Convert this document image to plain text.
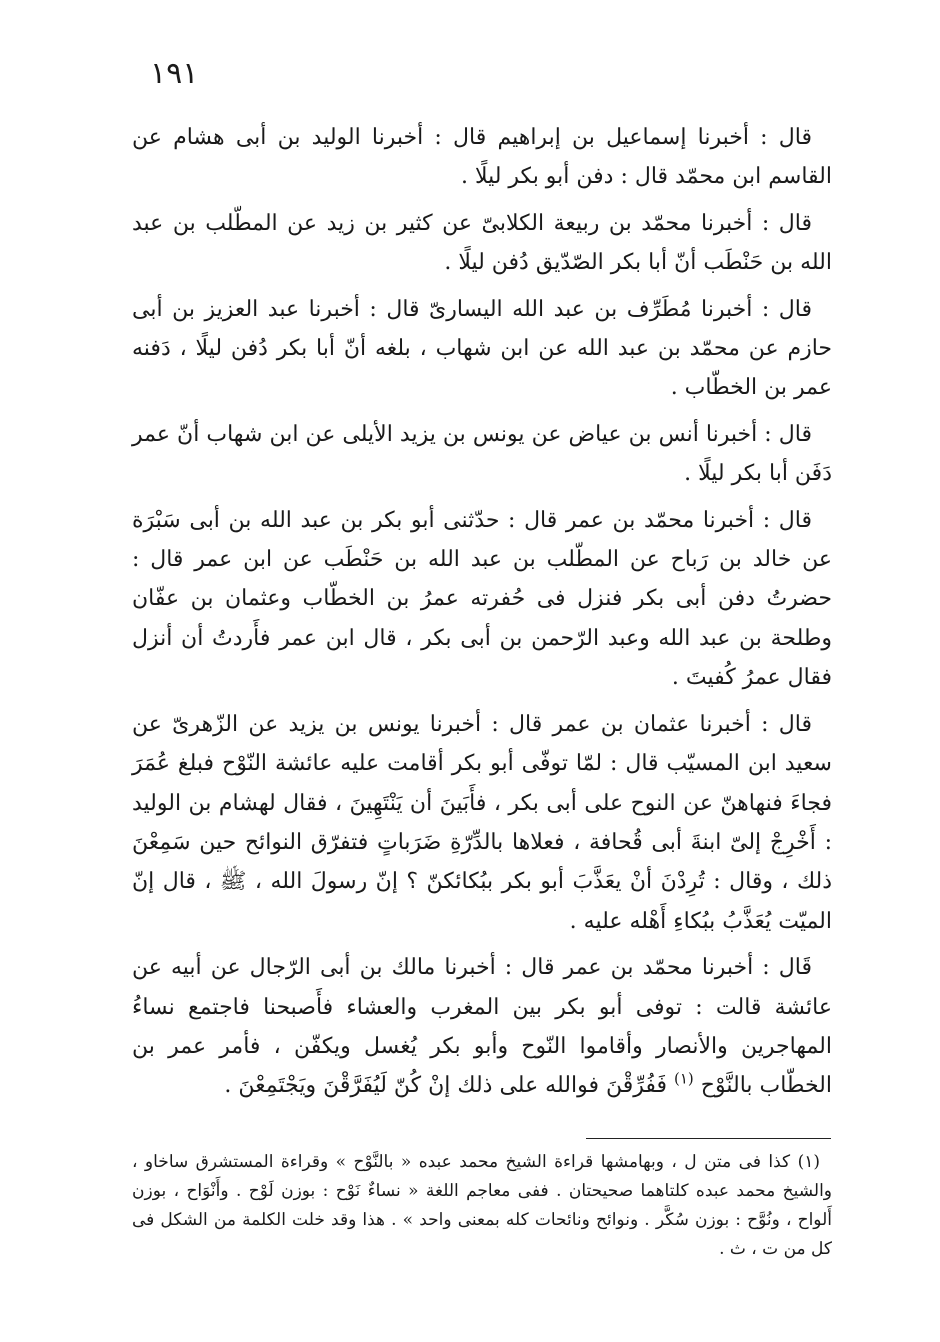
١٩١

قال : أخبرنا إسماعيل بن إبراهيم قال : أخبرنا الوليد بن أبى هشام عن القاسم ابن محمّد قال : دفن أبو بكر ليلًا .

قال : أخبرنا محمّد بن ربيعة الكلابىّ عن كثير بن زيد عن المطّلب بن عبد الله بن حَنْطَب أنّ أبا بكر الصّدّيق دُفن ليلًا .

قال : أخبرنا مُطَرِّف بن عبد الله اليسارىّ قال : أخبرنا عبد العزيز بن أبى حازم عن محمّد بن عبد الله عن ابن شهاب ، بلغه أنّ أبا بكر دُفن ليلًا ، دَفنه عمر بن الخطّاب .

قال : أخبرنا أنس بن عياض عن يونس بن يزيد الأيلى عن ابن شهاب أنّ عمر دَفَن أبا بكر ليلًا .

قال : أخبرنا محمّد بن عمر قال : حدّثنى أبو بكر بن عبد الله بن أبى سَبْرَة عن خالد بن رَباح عن المطّلب بن عبد الله بن حَنْطَب عن ابن عمر قال : حضرتُ دفن أبى بكر فنزل فى حُفرته عمرُ بن الخطّاب وعثمان بن عفّان وطلحة بن عبد الله وعبد الرّحمن بن أبى بكر ، قال ابن عمر فأَردتُ أن أنزل فقال عمرُ كُفيتَ .

قال : أخبرنا عثمان بن عمر قال : أخبرنا يونس بن يزيد عن الزّهرىّ عن سعيد ابن المسيّب قال : لمّا توفّى أبو بكر أقامت عليه عائشة النّوْح فبلغ عُمَرَ فجاءَ فنهاهنّ عن النوح على أبى بكر ، فأَبَينَ أن يَنْتَهِينَ ، فقال لهشام بن الوليد : أَخْرِجْ إلىّ ابنةَ أبى قُحافة ، فعلاها بالدِّرّةِ ضَرَباتٍ فتفرّق النوائح حين سَمِعْنَ ذلك ، وقال : تُرِدْنَ أنْ يعَذَّبَ أبو بكر ببُكائكنّ ؟ إنّ رسولَ الله ، ﷺ ، قال إنّ الميّت يُعَذَّبُ ببُكاءِ أَهْله عليه .

قَال : أخبرنا محمّد بن عمر قال : أخبرنا مالك بن أبى الرّجال عن أبيه عن عائشة قالت : توفى أبو بكر بين المغرب والعشاء فأَصبحنا فاجتمع نساءُ المهاجرين والأنصار وأقاموا النّوح وأبو بكر يُغسل ويكفّن ، فأمر عمر بن الخطّاب بالنَّوْح $^{(١)}$ فَفُرِّقْنَ فوالله على ذلك إنْ كُنّ لَيُفَرَّقْنَ ويَجْتَمِعْنَ .

(١) كذا فى متن ل ، وبهامشها قراءة الشيخ محمد عبده « بالنَّوْح » وقراءة المستشرق ساخاو ، والشيخ محمد عبده كلتاهما صحيحتان . ففى معاجم اللغة « نساءٌ نَوْح : بوزن لَوْح . وأَنْوَاح ، بوزن أَلواح ، ونُوَّح : بوزن سُكَّر . ونوائح ونائحات كله بمعنى واحد » . هذا وقد خلت الكلمة من الشكل فى كل من ت ، ث .
